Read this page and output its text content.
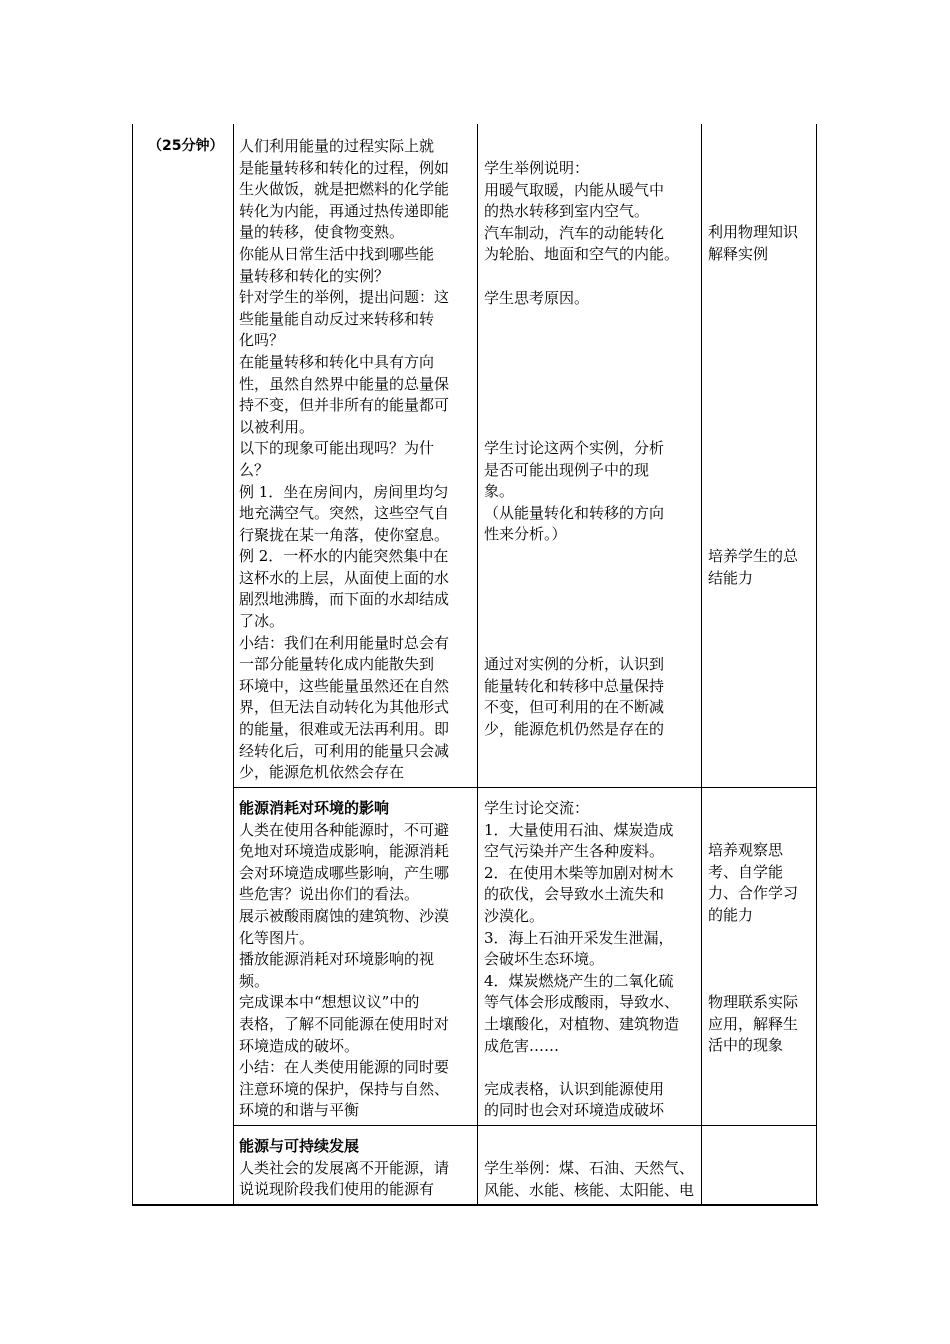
（25分钟） 人们利用能量的过程实际上就
是能量转移和转化的过程，例如
生火做饭，就是把燃料的化学能
转化为内能，再通过热传递即能
量的转移，使食物变熟。
你能从日常生活中找到哪些能
量转移和转化的实例？
针对学生的举例，提出问题：这
些能量能自动反过来转移和转
化吗？
在能量转移和转化中具有方向
性，虽然自然界中能量的总量保
持不变，但并非所有的能量都可
以被利用。
以下的现象可能出现吗？为什
么？
例 1．坐在房间内，房间里均匀
地充满空气。突然，这些空气自
行聚拢在某一角落，使你窒息。
例 2．一杯水的内能突然集中在
这杯水的上层，从面使上面的水
剧烈地沸腾，而下面的水却结成
了冰。
小结：我们在利用能量时总会有
一部分能量转化成内能散失到
环境中，这些能量虽然还在自然
界，但无法自动转化为其他形式
的能量，很难或无法再利用。即
经转化后，可利用的能量只会减
少，能源危机依然会存在
学生举例说明：
用暖气取暖，内能从暖气中
的热水转移到室内空气。
汽车制动，汽车的动能转化
为轮胎、地面和空气的内能。
学生思考原因。
学生讨论这两个实例，分析
是否可能出现例子中的现
象。
（从能量转化和转移的方向
性来分析。）
通过对实例的分析，认识到
能量转化和转移中总量保持
不变，但可利用的在不断减
少，能源危机仍然是存在的
利用物理知识
解释实例
培养学生的总
结能力
能源消耗对环境的影响
人类在使用各种能源时，不可避
免地对环境造成影响，能源消耗
会对环境造成哪些影响，产生哪
些危害？说出你们的看法。
展示被酸雨腐蚀的建筑物、沙漠
化等图片。
播放能源消耗对环境影响的视
频。
完成课本中“想想议议”中的
表格，了解不同能源在使用时对
环境造成的破坏。
小结：在人类使用能源的同时要
注意环境的保护，保持与自然、
环境的和谐与平衡
学生讨论交流：
1．大量使用石油、煤炭造成
空气污染并产生各种废料。
2．在使用木柴等加剧对树木
的砍伐，会导致水土流失和
沙漠化。
3．海上石油开采发生泄漏，
会破坏生态环境。
4．煤炭燃烧产生的二氧化硫
等气体会形成酸雨，导致水、
土壤酸化，对植物、建筑物造
成危害……
完成表格，认识到能源使用
的同时也会对环境造成破坏
培养观察思
考、自学能
力、合作学习
的能力
物理联系实际
应用，解释生
活中的现象
能源与可持续发展
人类社会的发展离不开能源，请
说说现阶段我们使用的能源有
学生举例：煤、石油、天然气、
风能、水能、核能、太阳能、电
